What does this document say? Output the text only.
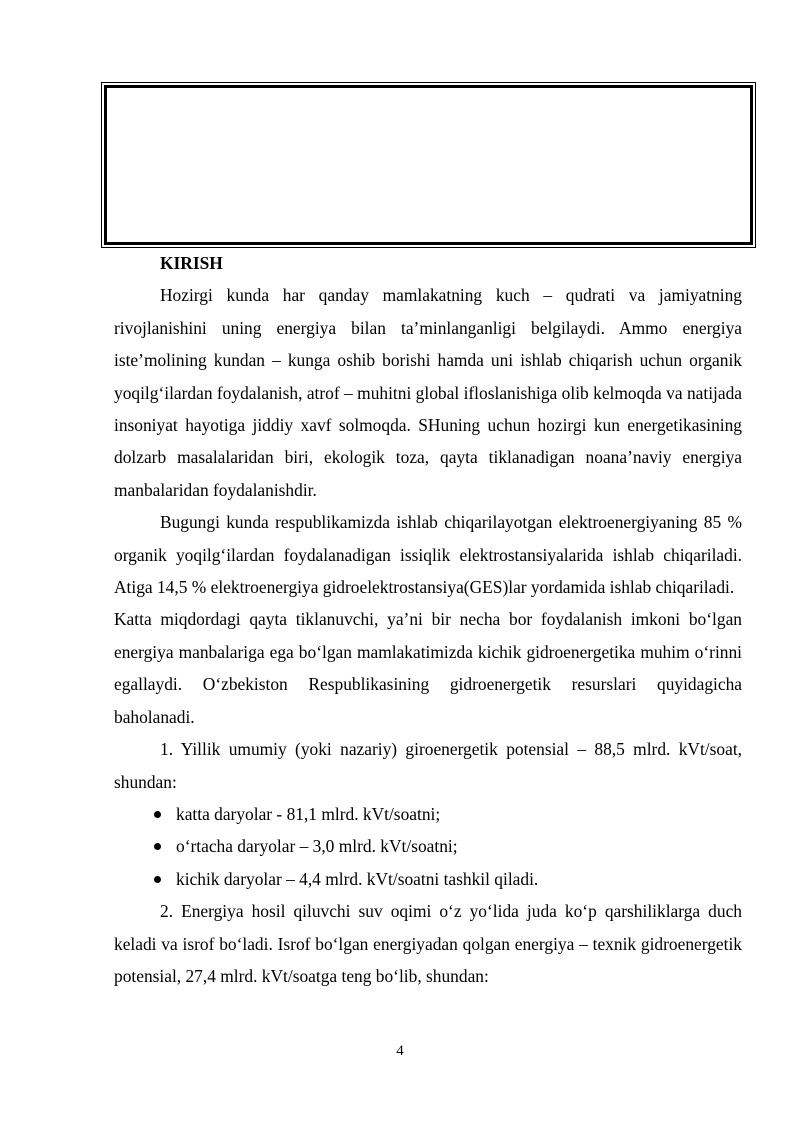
KIRISH

Hozirgi kunda har qanday mamlakatning kuch – qudrati va jamiyatning rivojlanishini uning energiya bilan ta’minlanganligi belgilaydi. Ammo energiya iste’molining kundan – kunga oshib borishi hamda uni ishlab chiqarish uchun organik yoqilg‘ilardan foydalanish, atrof – muhitni global ifloslanishiga olib kelmoqda va natijada insoniyat hayotiga jiddiy xavf solmoqda. SHuning uchun hozirgi kun energetikasining dolzarb masalalaridan biri, ekologik toza, qayta tiklanadigan noana’naviy energiya manbalaridan foydalanishdir.

Bugungi kunda respublikamizda ishlab chiqarilayotgan elektroenergiyaning 85 % organik yoqilg‘ilardan foydalanadigan issiqlik elektrostansiyalarida ishlab chiqariladi. Atiga 14,5 % elektroenergiya gidroelektrostansiya(GES)lar yordamida ishlab chiqariladi.

Katta miqdordagi qayta tiklanuvchi, ya’ni bir necha bor foydalanish imkoni bo‘lgan energiya manbalariga ega bo‘lgan mamlakatimizda kichik gidroenergetika muhim o‘rinni egallaydi. O‘zbekiston Respublikasining gidroenergetik resurslari quyidagicha baholanadi.

1. Yillik umumiy (yoki nazariy) giroenergetik potensial – 88,5 mlrd. kVt/soat, shundan:

katta daryolar - 81,1 mlrd. kVt/soatni;
o‘rtacha daryolar – 3,0 mlrd. kVt/soatni;
kichik daryolar – 4,4 mlrd. kVt/soatni tashkil qiladi.

2. Energiya hosil qiluvchi suv oqimi o‘z yo‘lida juda ko‘p qarshiliklarga duch keladi va isrof bo‘ladi. Isrof bo‘lgan energiyadan qolgan energiya – texnik gidroenergetik potensial, 27,4 mlrd. kVt/soatga teng bo‘lib, shundan:

4
